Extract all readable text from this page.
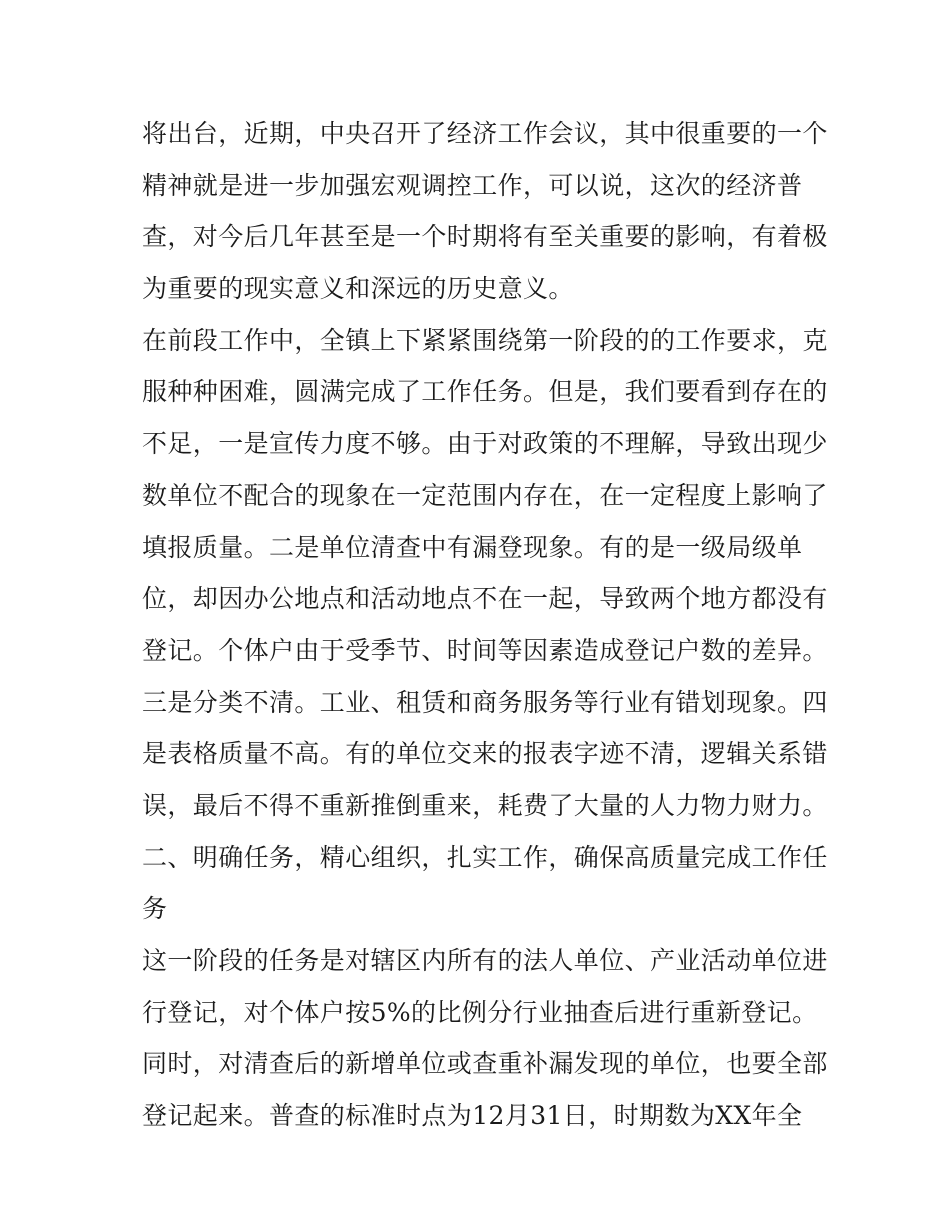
将出台，近期，中央召开了经济工作会议，其中很重要的一个
精神就是进一步加强宏观调控工作，可以说，这次的经济普
查，对今后几年甚至是一个时期将有至关重要的影响，有着极
为重要的现实意义和深远的历史意义。
在前段工作中，全镇上下紧紧围绕第一阶段的的工作要求，克
服种种困难，圆满完成了工作任务。但是，我们要看到存在的
不足，一是宣传力度不够。由于对政策的不理解，导致出现少
数单位不配合的现象在一定范围内存在，在一定程度上影响了
填报质量。二是单位清查中有漏登现象。有的是一级局级单
位，却因办公地点和活动地点不在一起，导致两个地方都没有
登记。个体户由于受季节、时间等因素造成登记户数的差异。
三是分类不清。工业、租赁和商务服务等行业有错划现象。四
是表格质量不高。有的单位交来的报表字迹不清，逻辑关系错
误，最后不得不重新推倒重来，耗费了大量的人力物力财力。
二、明确任务，精心组织，扎实工作，确保高质量完成工作任
务
这一阶段的任务是对辖区内所有的法人单位、产业活动单位进
行登记，对个体户按5%的比例分行业抽查后进行重新登记。
同时，对清查后的新增单位或查重补漏发现的单位，也要全部
登记起来。普查的标准时点为12月31日，时期数为XX年全
